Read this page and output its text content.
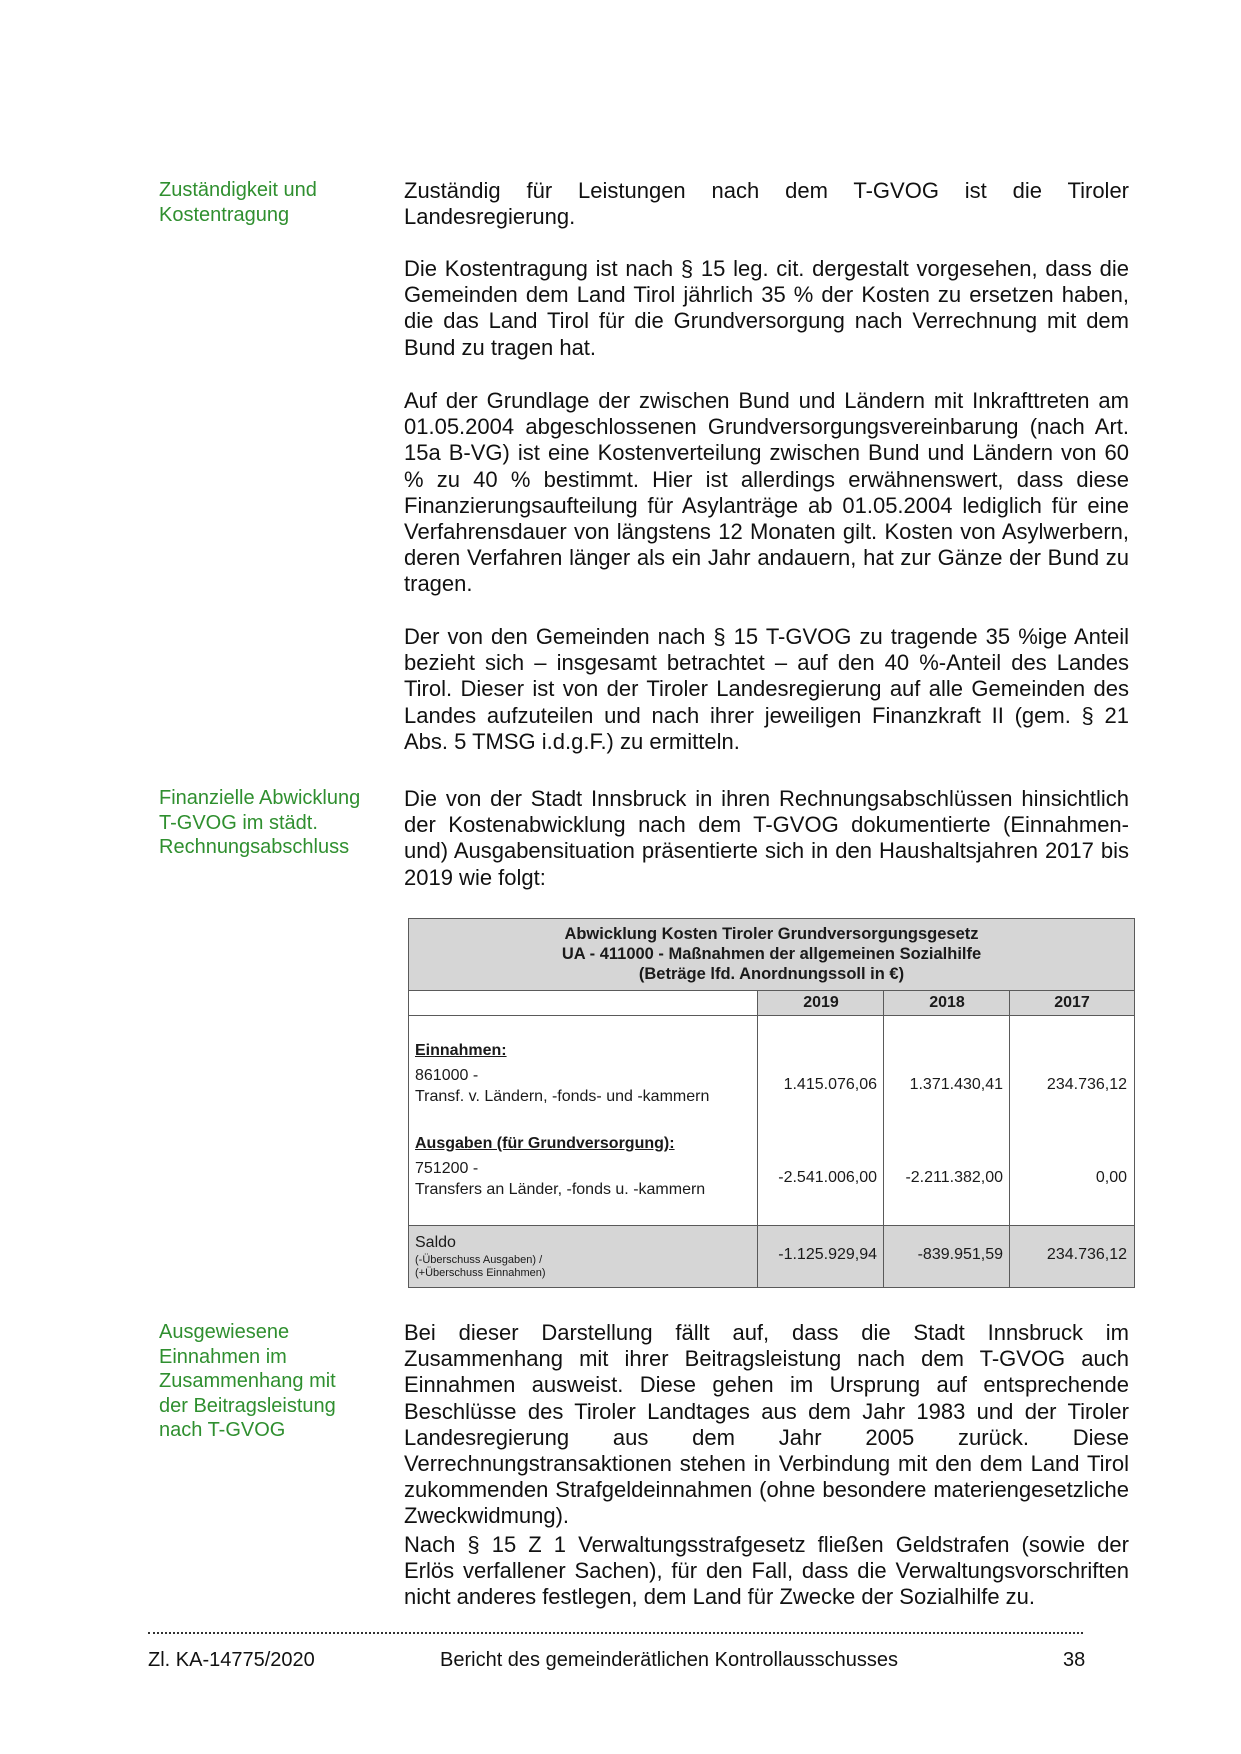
Zuständigkeit und

Kostentragung

Finanzielle Abwicklung

T-GVOG im städt.

Rechnungsabschluss

Ausgewiesene

Einnahmen im

Zusammenhang mit

der Beitragsleistung

nach T-GVOG

Zuständig für Leistungen nach dem T-GVOG ist die Tiroler Landesregierung.

Die Kostentragung ist nach § 15 leg. cit. dergestalt vorgesehen, dass die Gemeinden dem Land Tirol jährlich 35 % der Kosten zu ersetzen haben, die das Land Tirol für die Grundversorgung nach Verrechnung mit dem Bund zu tragen hat.

Auf der Grundlage der zwischen Bund und Ländern mit Inkrafttreten am 01.05.2004 abgeschlossenen Grundversorgungsvereinbarung (nach Art. 15a B-VG) ist eine Kostenverteilung zwischen Bund und Ländern von 60 % zu 40 % bestimmt. Hier ist allerdings erwähnenswert, dass diese Finanzierungsaufteilung für Asylanträge ab 01.05.2004 lediglich für eine Verfahrensdauer von längstens 12 Monaten gilt. Kosten von Asylwerbern, deren Verfahren länger als ein Jahr andauern, hat zur Gänze der Bund zu tragen.

Der von den Gemeinden nach § 15 T-GVOG zu tragende 35 %ige Anteil bezieht sich – insgesamt betrachtet – auf den 40 %-Anteil des Landes Tirol. Dieser ist von der Tiroler Landesregierung auf alle Gemeinden des Landes aufzuteilen und nach ihrer jeweiligen Finanzkraft II (gem. § 21 Abs. 5 TMSG i.d.g.F.) zu ermitteln.

Die von der Stadt Innsbruck in ihren Rechnungsabschlüssen hinsichtlich der Kostenabwicklung nach dem T-GVOG dokumentierte (Einnahmen- und) Ausgabensituation präsentierte sich in den Haushaltsjahren 2017 bis 2019 wie folgt:

Abwicklung Kosten Tiroler Grundversorgungsgesetz
UA - 411000 - Maßnahmen der allgemeinen Sozialhilfe
(Beträge lfd. Anordnungssoll in €)
2019	2018	2017
Einnahmen:
861000 -
Transf. v. Ländern, -fonds- und -kammern
1.415.076,06	1.371.430,41	234.736,12
Ausgaben (für Grundversorgung):
751200 -
Transfers an Länder, -fonds u. -kammern
-2.541.006,00	-2.211.382,00	0,00
Saldo
(-Überschuss Ausgaben) /
(+Überschuss Einnahmen)
-1.125.929,94	-839.951,59	234.736,12

Bei dieser Darstellung fällt auf, dass die Stadt Innsbruck im Zusammenhang mit ihrer Beitragsleistung nach dem T-GVOG auch Einnahmen ausweist. Diese gehen im Ursprung auf entsprechende Beschlüsse des Tiroler Landtages aus dem Jahr 1983 und der Tiroler Landesregierung aus dem Jahr 2005 zurück. Diese Verrechnungstransaktionen stehen in Verbindung mit den dem Land Tirol zukommenden Strafgeldeinnahmen (ohne besondere materiengesetzliche Zweckwidmung).

Nach § 15 Z 1 Verwaltungsstrafgesetz fließen Geldstrafen (sowie der Erlös verfallener Sachen), für den Fall, dass die Verwaltungsvorschriften nicht anderes festlegen, dem Land für Zwecke der Sozialhilfe zu.

Zl. KA-14775/2020	Bericht des gemeinderätlichen Kontrollausschusses	38
